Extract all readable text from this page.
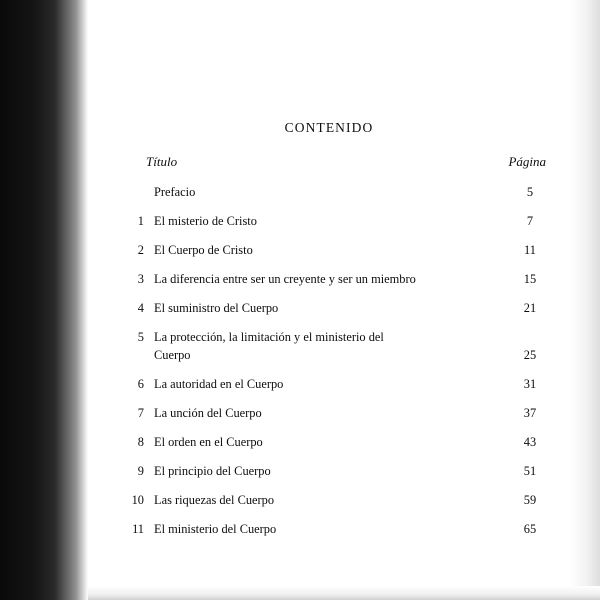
CONTENIDO
Título	Página
Prefacio	5
1 El misterio de Cristo	7
2 El Cuerpo de Cristo	11
3 La diferencia entre ser un creyente y ser un miembro	15
4 El suministro del Cuerpo	21
5 La protección, la limitación y el ministerio del Cuerpo	25
6 La autoridad en el Cuerpo	31
7 La unción del Cuerpo	37
8 El orden en el Cuerpo	43
9 El principio del Cuerpo	51
10 Las riquezas del Cuerpo	59
11 El ministerio del Cuerpo	65
